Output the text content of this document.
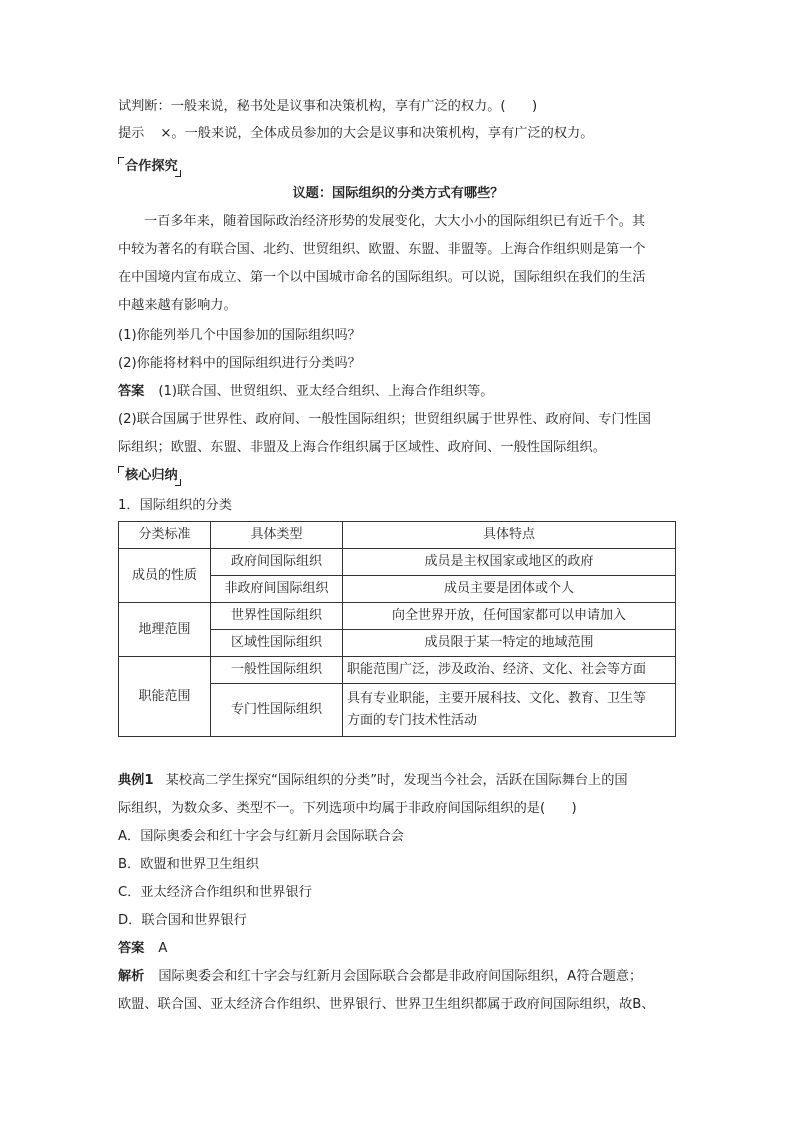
试判断：一般来说，秘书处是议事和决策机构，享有广泛的权力。(　　)
提示 ×。一般来说，全体成员参加的大会是议事和决策机构，享有广泛的权力。
合作探究
议题：国际组织的分类方式有哪些？
一百多年来，随着国际政治经济形势的发展变化，大大小小的国际组织已有近千个。其
中较为著名的有联合国、北约、世贸组织、欧盟、东盟、非盟等。上海合作组织则是第一个
在中国境内宣布成立、第一个以中国城市命名的国际组织。可以说，国际组织在我们的生活
中越来越有影响力。
(1)你能列举几个中国参加的国际组织吗？
(2)你能将材料中的国际组织进行分类吗？
答案 (1)联合国、世贸组织、亚太经合组织、上海合作组织等。
(2)联合国属于世界性、政府间、一般性国际组织；世贸组织属于世界性、政府间、专门性国
际组织；欧盟、东盟、非盟及上海合作组织属于区域性、政府间、一般性国际组织。
核心归纳
1．国际组织的分类
分类标准	具体类型	具体特点
成员的性质	政府间国际组织	成员是主权国家或地区的政府
	非政府间国际组织	成员主要是团体或个人
地理范围	世界性国际组织	向全世界开放，任何国家都可以申请加入
	区域性国际组织	成员限于某一特定的地域范围
职能范围	一般性国际组织	职能范围广泛，涉及政治、经济、文化、社会等方面
	专门性国际组织	具有专业职能，主要开展科技、文化、教育、卫生等
方面的专门技术性活动
典例1 某校高二学生探究“国际组织的分类”时，发现当今社会，活跃在国际舞台上的国
际组织，为数众多、类型不一。下列选项中均属于非政府间国际组织的是(　　)
A．国际奥委会和红十字会与红新月会国际联合会
B．欧盟和世界卫生组织
C．亚太经济合作组织和世界银行
D．联合国和世界银行
答案 A
解析 国际奥委会和红十字会与红新月会国际联合会都是非政府间国际组织，A符合题意；
欧盟、联合国、亚太经济合作组织、世界银行、世界卫生组织都属于政府间国际组织，故B、
